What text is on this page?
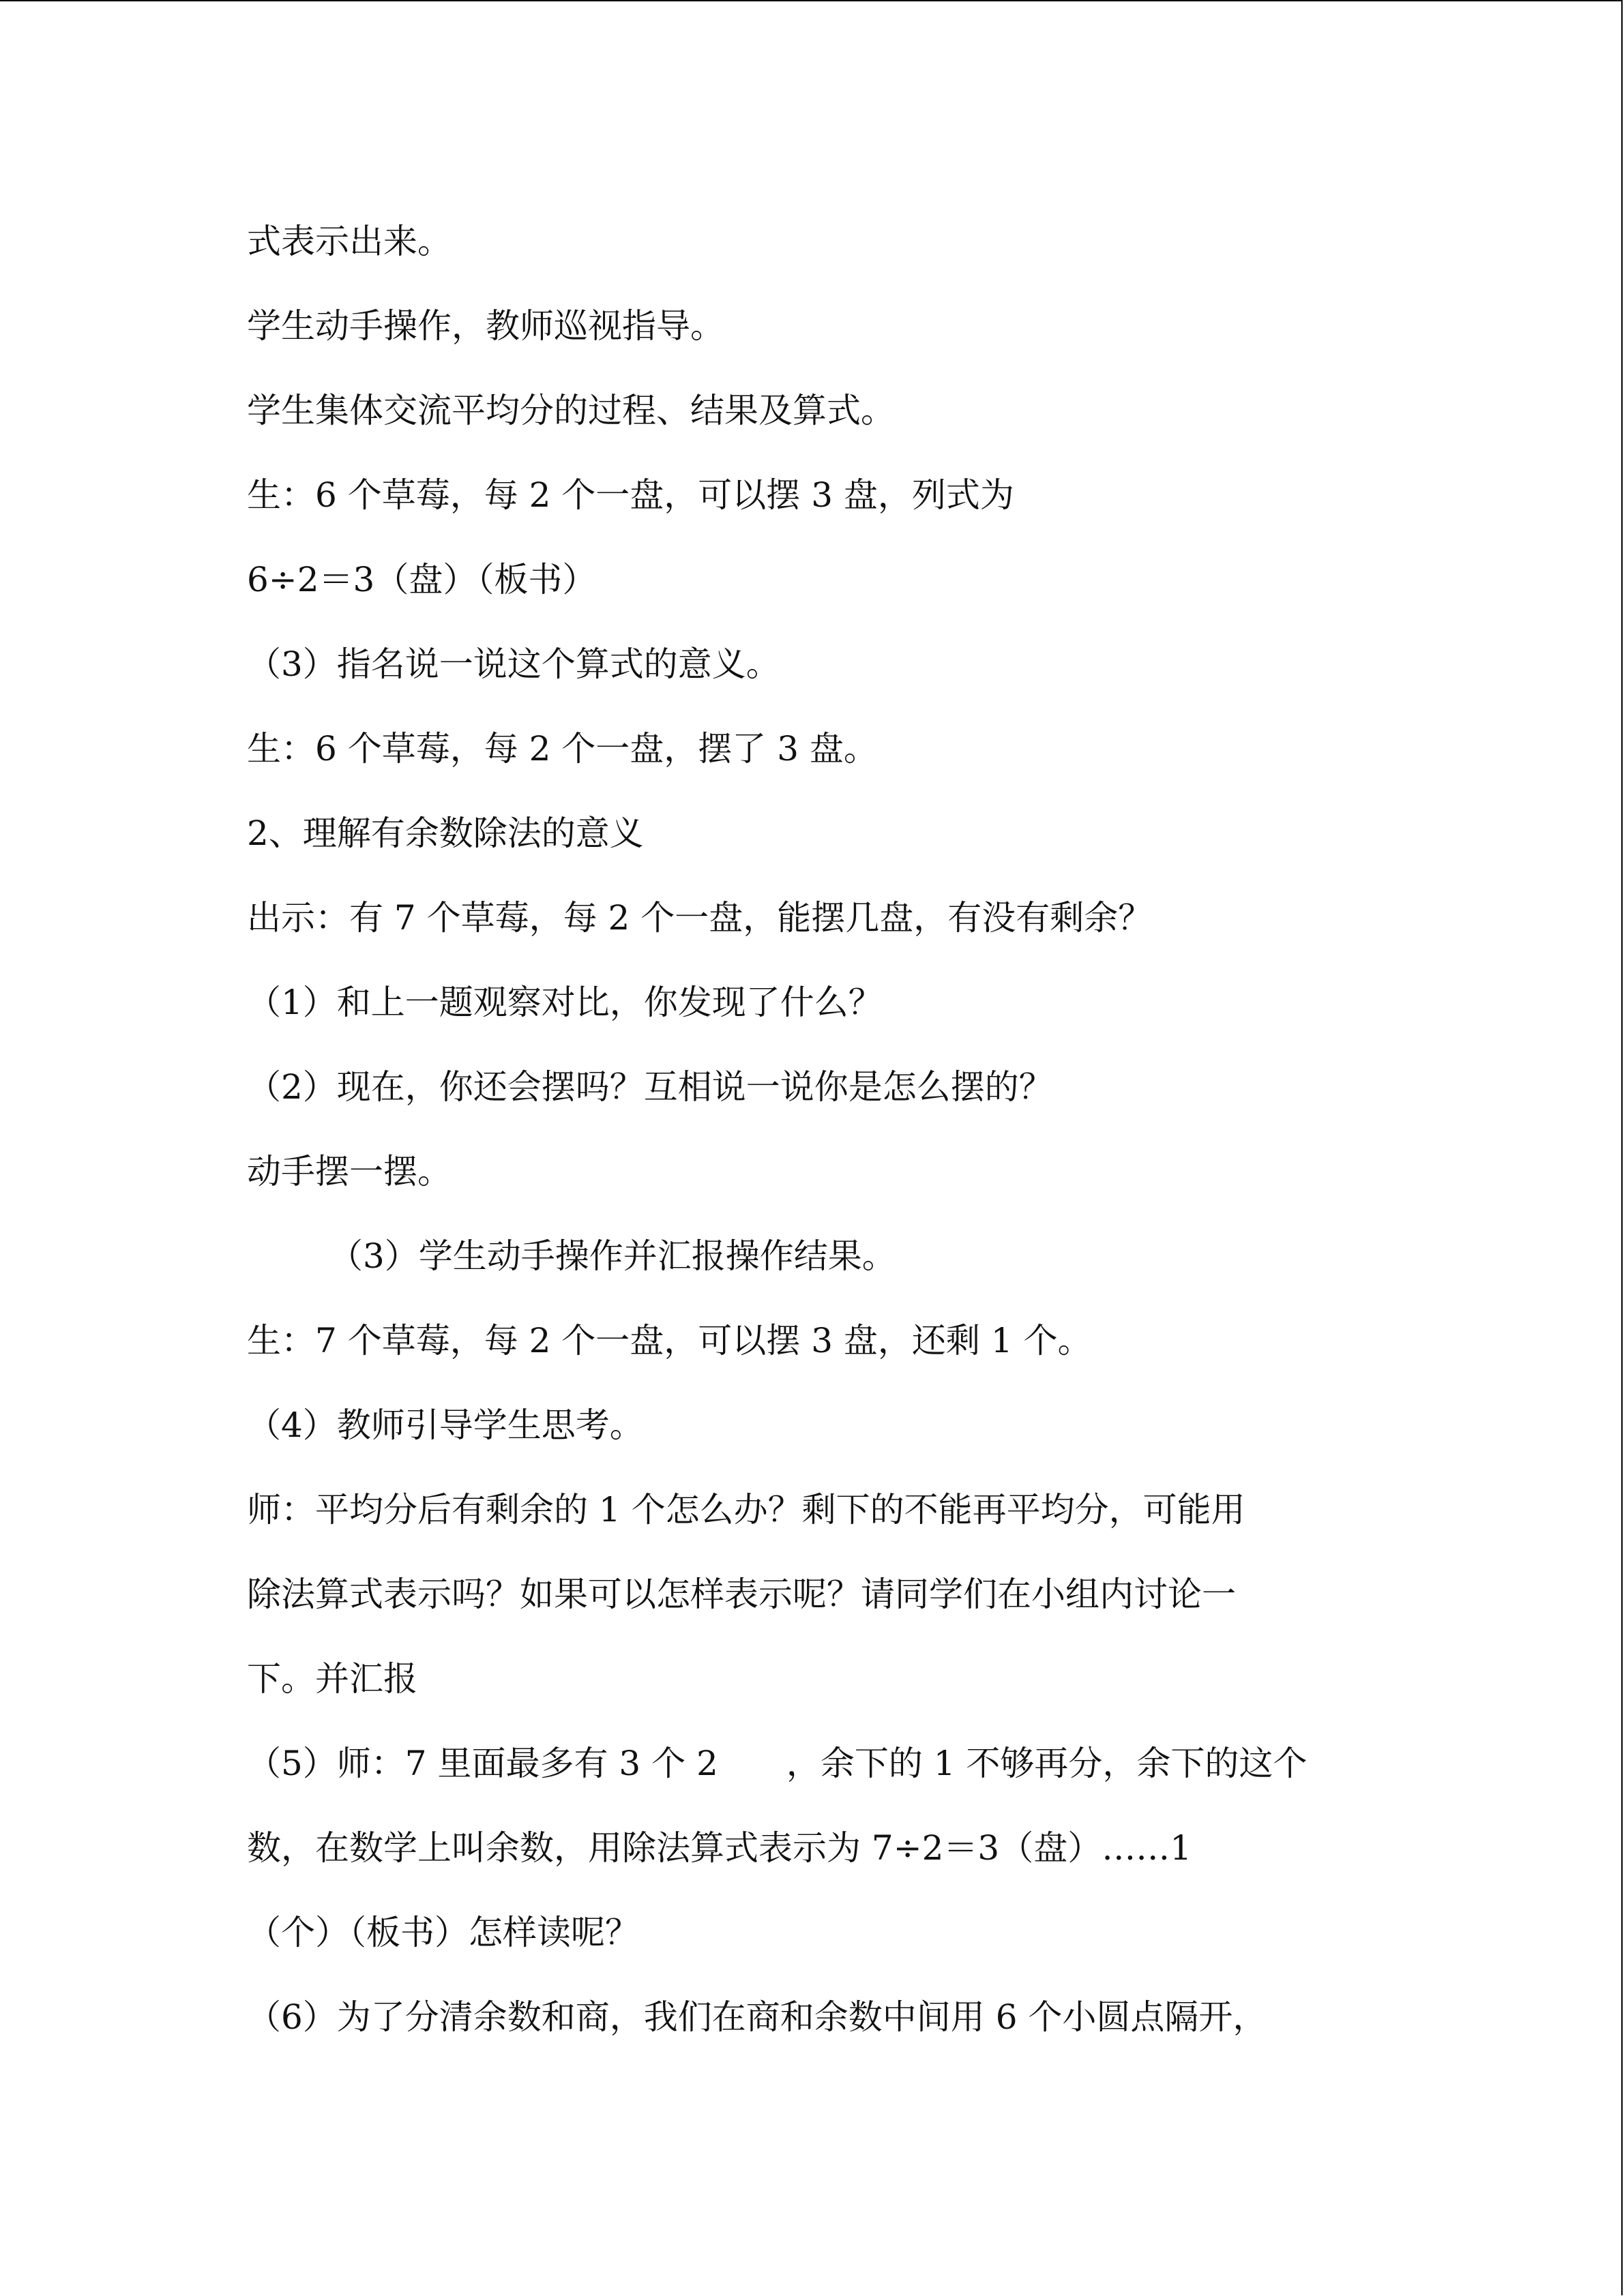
式表示出来。
学生动手操作，教师巡视指导。
学生集体交流平均分的过程、结果及算式。
生：6 个草莓，每 2 个一盘，可以摆 3 盘，列式为
6÷2＝3（盘）（板书）
（3）指名说一说这个算式的意义。
生：6 个草莓，每 2 个一盘，摆了 3 盘。
2、理解有余数除法的意义
出示：有 7 个草莓，每 2 个一盘，能摆几盘，有没有剩余？
（1）和上一题观察对比，你发现了什么？
（2）现在，你还会摆吗？互相说一说你是怎么摆的？
动手摆一摆。
（3）学生动手操作并汇报操作结果。
生：7 个草莓，每 2 个一盘，可以摆 3 盘，还剩 1 个。
（4）教师引导学生思考。
师：平均分后有剩余的 1 个怎么办？剩下的不能再平均分，可能用
除法算式表示吗？如果可以怎样表示呢？请同学们在小组内讨论一
下。并汇报
（5）师：7 里面最多有 3 个 2　　，余下的 1 不够再分，余下的这个
数，在数学上叫余数，用除法算式表示为 7÷2＝3（盘）……1
（个）（板书）怎样读呢？
（6）为了分清余数和商，我们在商和余数中间用 6 个小圆点隔开，
